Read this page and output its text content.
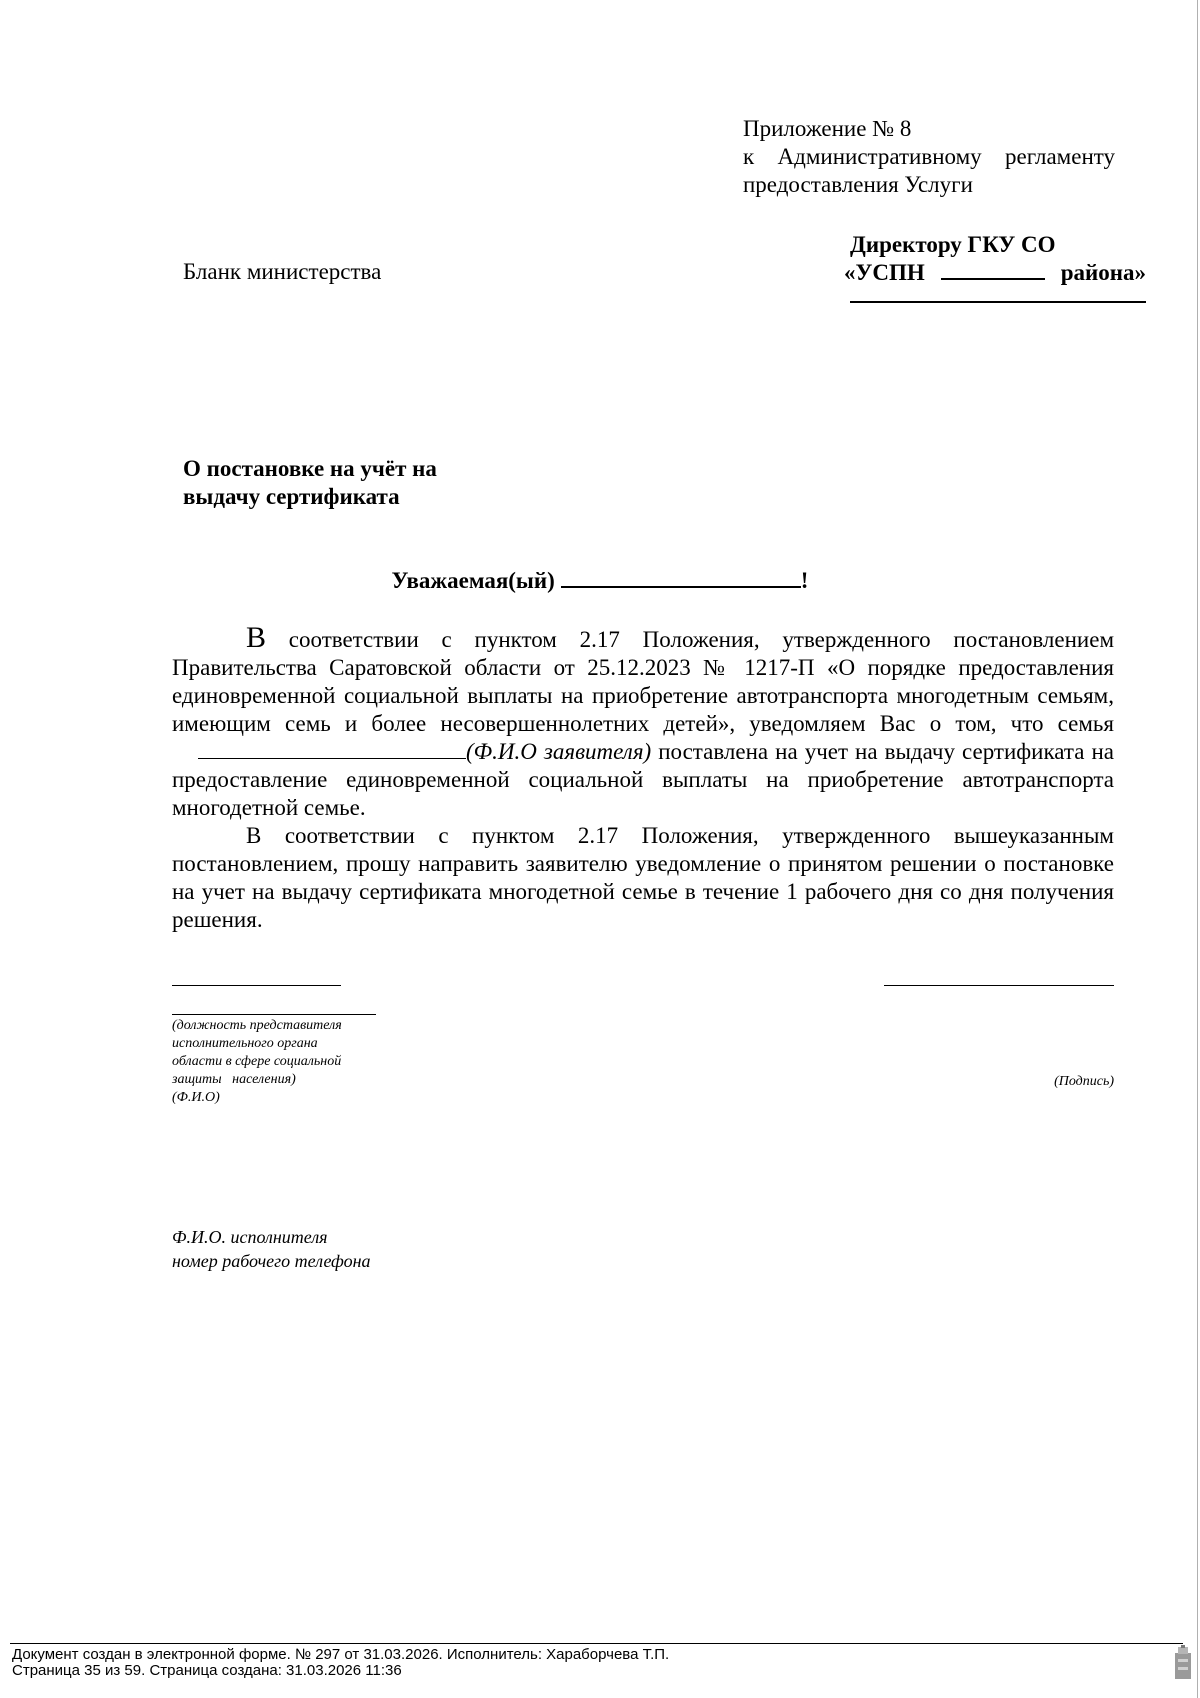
Приложение № 8
к Административному регламенту
предоставления Услуги
Бланк министерства
Директору ГКУ СО
«УСПН	района»
О постановке на учёт на
выдачу сертификата
Уважаемая(ый)	!

В соответствии с пунктом 2.17 Положения, утвержденного постановлением Правительства Саратовской области от 25.12.2023 № 1217-П «О порядке предоставления единовременной социальной выплаты на приобретение автотранспорта многодетным семьям, имеющим семь и более несовершеннолетних детей», уведомляем Вас о том, что семья(Ф.И.О заявителя) поставлена на учет на выдачу сертификата на предоставление единовременной социальной выплаты на приобретение автотранспорта многодетной семье.

В соответствии с пунктом 2.17 Положения, утвержденного вышеуказанным постановлением, прошу направить заявителю уведомление о принятом решении о постановке на учет на выдачу сертификата многодетной семье в течение 1 рабочего дня со дня получения решения.

(должность представителя
исполнительного органа
области в сфере социальной
защиты   населения)
(Ф.И.О)
(Подпись)
Ф.И.О. исполнителя
номер рабочего телефона
Документ создан в электронной форме. № 297 от 31.03.2026. Исполнитель: Хараборчева Т.П.
Страница 35 из 59. Страница создана: 31.03.2026 11:36
